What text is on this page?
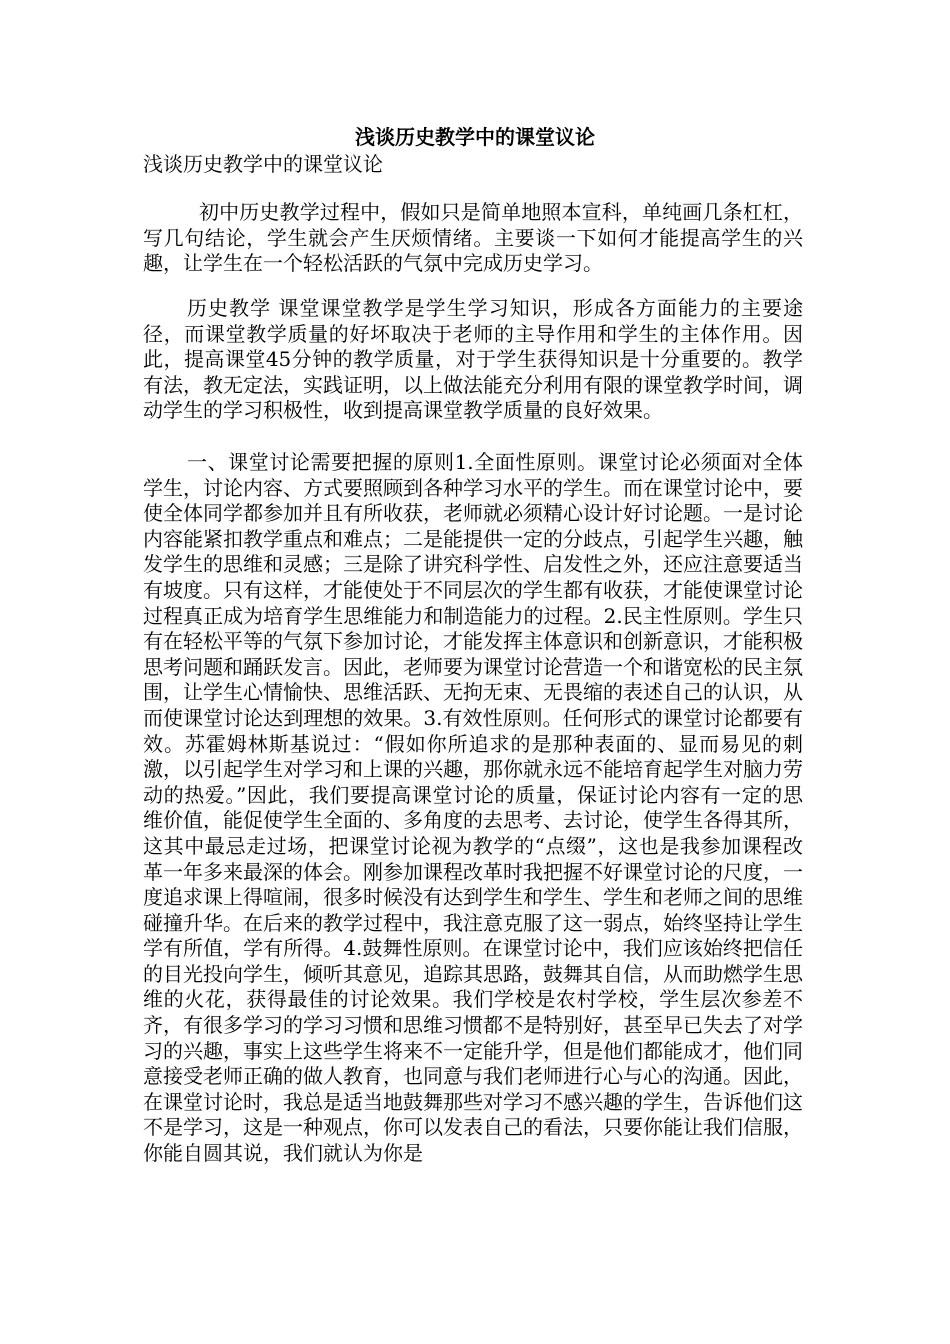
浅谈历史教学中的课堂议论
浅谈历史教学中的课堂议论

初中历史教学过程中，假如只是简单地照本宣科，单纯画几条杠杠，写几句结论，学生就会产生厌烦情绪。主要谈一下如何才能提高学生的兴趣，让学生在一个轻松活跃的气氛中完成历史学习。

历史教学 课堂课堂教学是学生学习知识，形成各方面能力的主要途径，而课堂教学质量的好坏取决于老师的主导作用和学生的主体作用。因此，提高课堂45分钟的教学质量，对于学生获得知识是十分重要的。教学有法，教无定法，实践证明，以上做法能充分利用有限的课堂教学时间，调动学生的学习积极性，收到提高课堂教学质量的良好效果。

一、课堂讨论需要把握的原则1.全面性原则。课堂讨论必须面对全体学生，讨论内容、方式要照顾到各种学习水平的学生。而在课堂讨论中，要使全体同学都参加并且有所收获，老师就必须精心设计好讨论题。一是讨论内容能紧扣教学重点和难点；二是能提供一定的分歧点，引起学生兴趣，触发学生的思维和灵感；三是除了讲究科学性、启发性之外，还应注意要适当有坡度。只有这样，才能使处于不同层次的学生都有收获，才能使课堂讨论过程真正成为培育学生思维能力和制造能力的过程。2.民主性原则。学生只有在轻松平等的气氛下参加讨论，才能发挥主体意识和创新意识，才能积极思考问题和踊跃发言。因此，老师要为课堂讨论营造一个和谐宽松的民主氛围，让学生心情愉快、思维活跃、无拘无束、无畏缩的表述自己的认识，从而使课堂讨论达到理想的效果。3.有效性原则。任何形式的课堂讨论都要有效。苏霍姆林斯基说过：“假如你所追求的是那种表面的、显而易见的刺激，以引起学生对学习和上课的兴趣，那你就永远不能培育起学生对脑力劳动的热爱。”因此，我们要提高课堂讨论的质量，保证讨论内容有一定的思维价值，能促使学生全面的、多角度的去思考、去讨论，使学生各得其所，这其中最忌走过场，把课堂讨论视为教学的“点缀”，这也是我参加课程改革一年多来最深的体会。刚参加课程改革时我把握不好课堂讨论的尺度，一度追求课上得喧闹，很多时候没有达到学生和学生、学生和老师之间的思维碰撞升华。在后来的教学过程中，我注意克服了这一弱点，始终坚持让学生学有所值，学有所得。4.鼓舞性原则。在课堂讨论中，我们应该始终把信任的目光投向学生，倾听其意见，追踪其思路，鼓舞其自信，从而助燃学生思维的火花，获得最佳的讨论效果。我们学校是农村学校，学生层次参差不齐，有很多学习的学习习惯和思维习惯都不是特别好，甚至早已失去了对学习的兴趣，事实上这些学生将来不一定能升学，但是他们都能成才，他们同意接受老师正确的做人教育，也同意与我们老师进行心与心的沟通。因此，在课堂讨论时，我总是适当地鼓舞那些对学习不感兴趣的学生，告诉他们这不是学习，这是一种观点，你可以发表自己的看法，只要你能让我们信服，你能自圆其说，我们就认为你是
